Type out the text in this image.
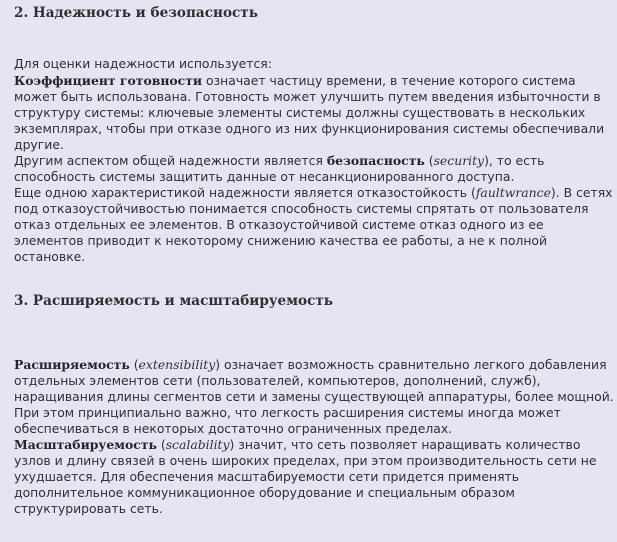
2. Надежность и безопасность

Для оценки надежности используется:

Коэффициент готовности означает частицу времени, в течение которого система может быть использована. Готовность может улучшить путем введения избыточности в структуру системы: ключевые элементы системы должны существовать в нескольких экземплярах, чтобы при отказе одного из них функционирования системы обеспечивали другие.

Другим аспектом общей надежности является безопасность (security), то есть способность системы защитить данные от несанкционированного доступа.

Еще одною характеристикой надежности является отказостойкость (faultwrance). В сетях под отказоустойчивостью понимается способность системы спрятать от пользователя отказ отдельных ее элементов. В отказоустойчивой системе отказ одного из ее элементов приводит к некоторому снижению качества ее работы, а не к полной остановке.

3. Расширяемость и масштабируемость

Расширяемость (extensibility) означает возможность сравнительно легкого добавления отдельных элементов сети (пользователей, компьютеров, дополнений, служб), наращивания длины сегментов сети и замены существующей аппаратуры, более мощной. При этом принципиально важно, что легкость расширения системы иногда может обеспечиваться в некоторых достаточно ограниченных пределах.

Масштабируемость (scalability) значит, что сеть позволяет наращивать количество узлов и длину связей в очень широких пределах, при этом производительность сети не ухудшается. Для обеспечения масштабируемости сети придется применять дополнительное коммуникационное оборудование и специальным образом структурировать сеть.
